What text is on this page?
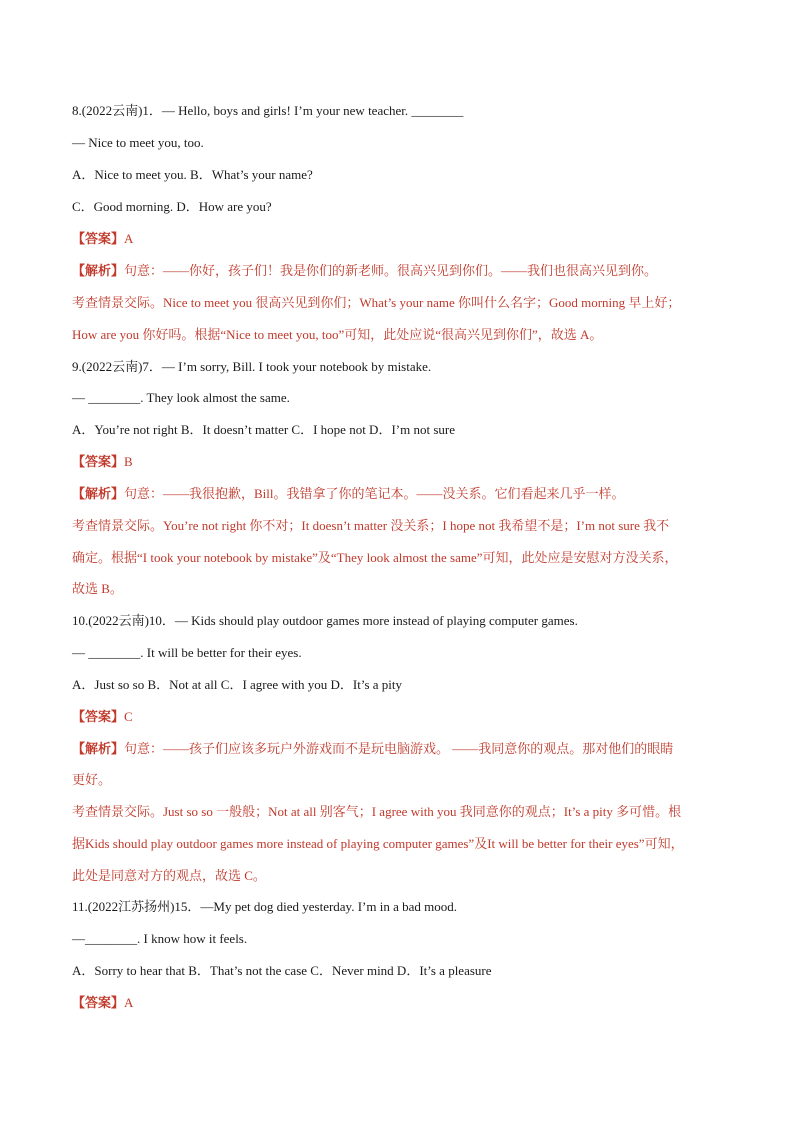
8.(2022云南)1．— Hello, boys and girls! I’m your new teacher. ________
— Nice to meet you, too.
A．Nice to meet you. B．What’s your name?
C．Good morning. D．How are you?
【答案】A
【解析】句意：——你好，孩子们！我是你们的新老师。很高兴见到你们。——我们也很高兴见到你。
考查情景交际。Nice to meet you 很高兴见到你们；What’s your name 你叫什么名字；Good morning 早上好；
How are you 你好吗。根据“Nice to meet you, too”可知，此处应说“很高兴见到你们”，故选 A。
9.(2022云南)7．— I’m sorry, Bill. I took your notebook by mistake.
— ________. They look almost the same.
A．You’re not right B．It doesn’t matter C．I hope not D．I’m not sure
【答案】B
【解析】句意：——我很抱歉，Bill。我错拿了你的笔记本。——没关系。它们看起来几乎一样。
考查情景交际。You’re not right 你不对；It doesn’t matter 没关系；I hope not 我希望不是；I’m not sure 我不
确定。根据“I took your notebook by mistake”及“They look almost the same”可知，此处应是安慰对方没关系，
故选 B。
10.(2022云南)10．— Kids should play outdoor games more instead of playing computer games.
— ________. It will be better for their eyes.
A．Just so so B．Not at all C．I agree with you D．It’s a pity
【答案】C
【解析】句意：——孩子们应该多玩户外游戏而不是玩电脑游戏。 ——我同意你的观点。那对他们的眼睛
更好。
考查情景交际。Just so so 一般般；Not at all 别客气；I agree with you 我同意你的观点；It’s a pity 多可惜。根
据Kids should play outdoor games more instead of playing computer games”及It will be better for their eyes”可知，
此处是同意对方的观点，故选 C。
11.(2022江苏扬州)15．—My pet dog died yesterday. I’m in a bad mood.
—________. I know how it feels.
A．Sorry to hear that B．That’s not the case C．Never mind D．It’s a pleasure
【答案】A
